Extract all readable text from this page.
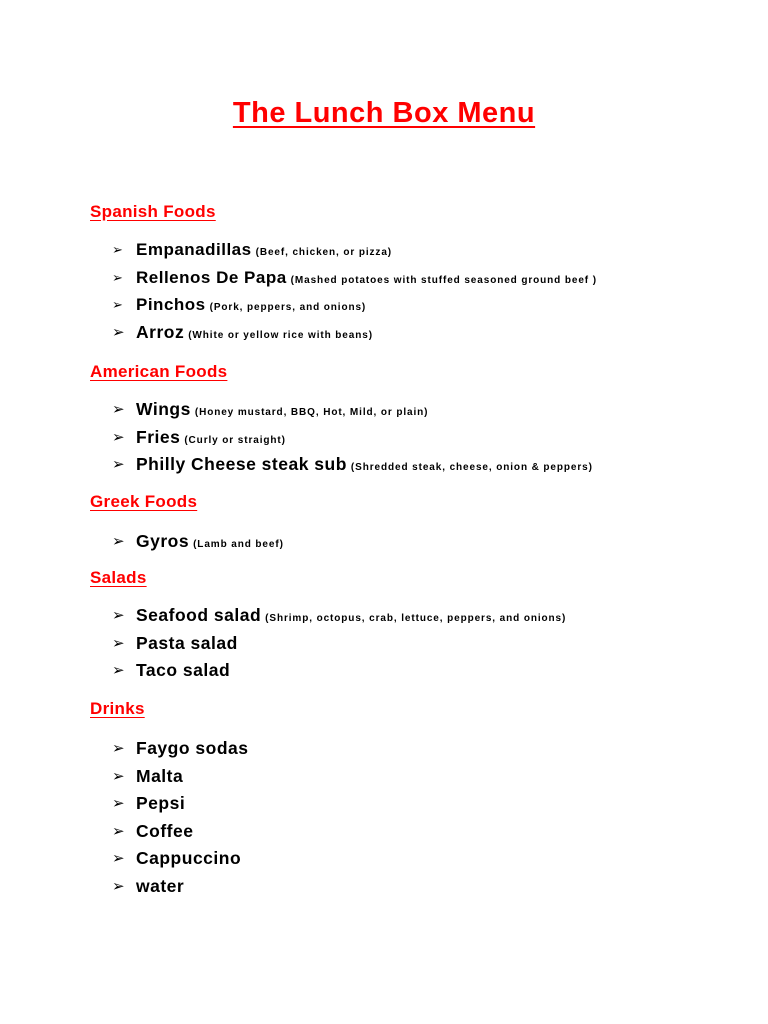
The Lunch Box Menu
Spanish Foods
➢ Empanadillas (Beef, chicken, or pizza)
➢ Rellenos De Papa (Mashed potatoes with stuffed seasoned ground beef )
➢ Pinchos (Pork, peppers, and onions)
➢ Arroz (White or yellow rice with beans)
American Foods
➢ Wings (Honey mustard, BBQ, Hot, Mild, or plain)
➢ Fries (Curly or straight)
➢ Philly Cheese steak sub (Shredded steak, cheese, onion & peppers)
Greek Foods
➢ Gyros (Lamb and beef)
Salads
➢ Seafood salad (Shrimp, octopus, crab, lettuce, peppers, and onions)
➢ Pasta salad
➢ Taco salad
Drinks
➢ Faygo sodas
➢ Malta
➢ Pepsi
➢ Coffee
➢ Cappuccino
➢ water
